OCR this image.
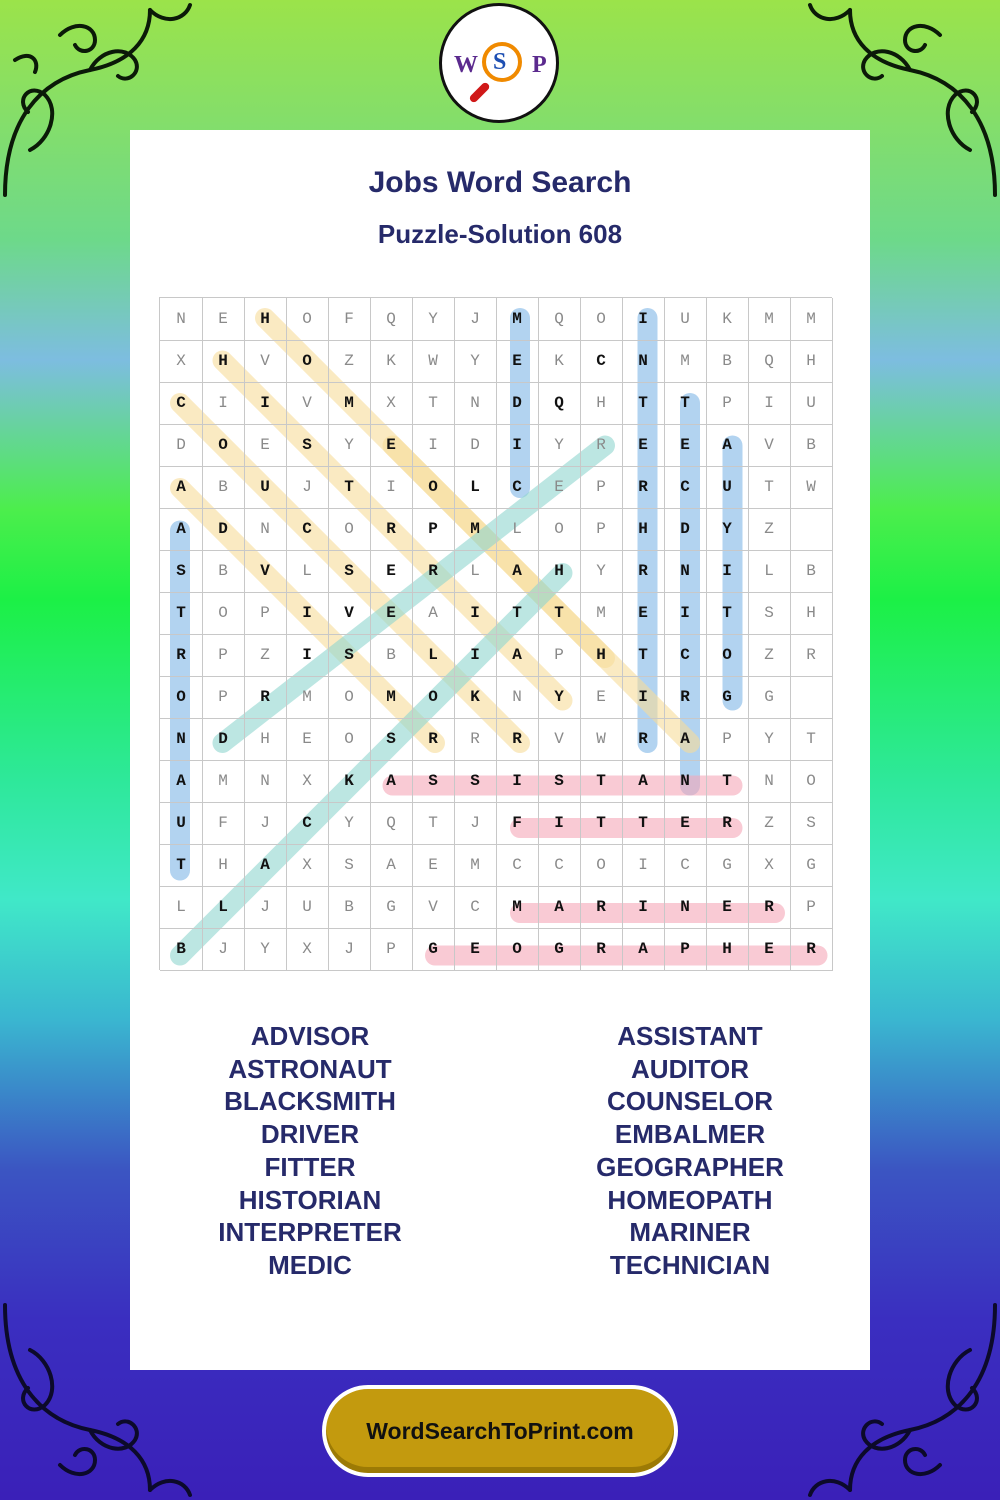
W S P
Jobs Word Search
Puzzle-Solution 608
N	E	H	O	F	Q	Y	J	M	Q	O	I	U	K	M	M
X	H	V	O	Z	K	W	Y	E	K	C	N	M	B	Q	H
C	I	I	V	M	X	T	N	D	Q	H	T	T	P	I	U
D	O	E	S	Y	E	I	D	I	Y	R	E	E	A	V	B
A	B	U	J	T	I	O	L	C	E	P	R	C	U	T	W
A	D	N	C	O	R	P	M	L	O	P	H	D	Y	Z
S	B	V	L	S	E	R	L	A	H	Y	R	N	I	L	B
T	O	P	I	V	E	A	I	T	T	M	E	I	T	S	H
R	P	Z	I	S	B	L	I	A	P	H	T	C	O	Z	R
O	P	R	M	O	M	O	K	N	Y	E	I	R	G	G
N	D	H	E	O	S	R	R	R	V	W	R	A	P	Y	T
A	M	N	X	K	A	S	S	I	S	T	A	N	T	N	O
U	F	J	C	Y	Q	T	J	F	I	T	T	E	R	Z	S
T	H	A	X	S	A	E	M	C	C	O	I	C	G	X	G
L	L	J	U	B	G	V	C	M	A	R	I	N	E	R	P
B	J	Y	X	J	P	G	E	O	G	R	A	P	H	E	R
ADVISOR
ASTRONAUT
BLACKSMITH
DRIVER
FITTER
HISTORIAN
INTERPRETER
MEDIC
ASSISTANT
AUDITOR
COUNSELOR
EMBALMER
GEOGRAPHER
HOMEOPATH
MARINER
TECHNICIAN
WordSearchToPrint.com
